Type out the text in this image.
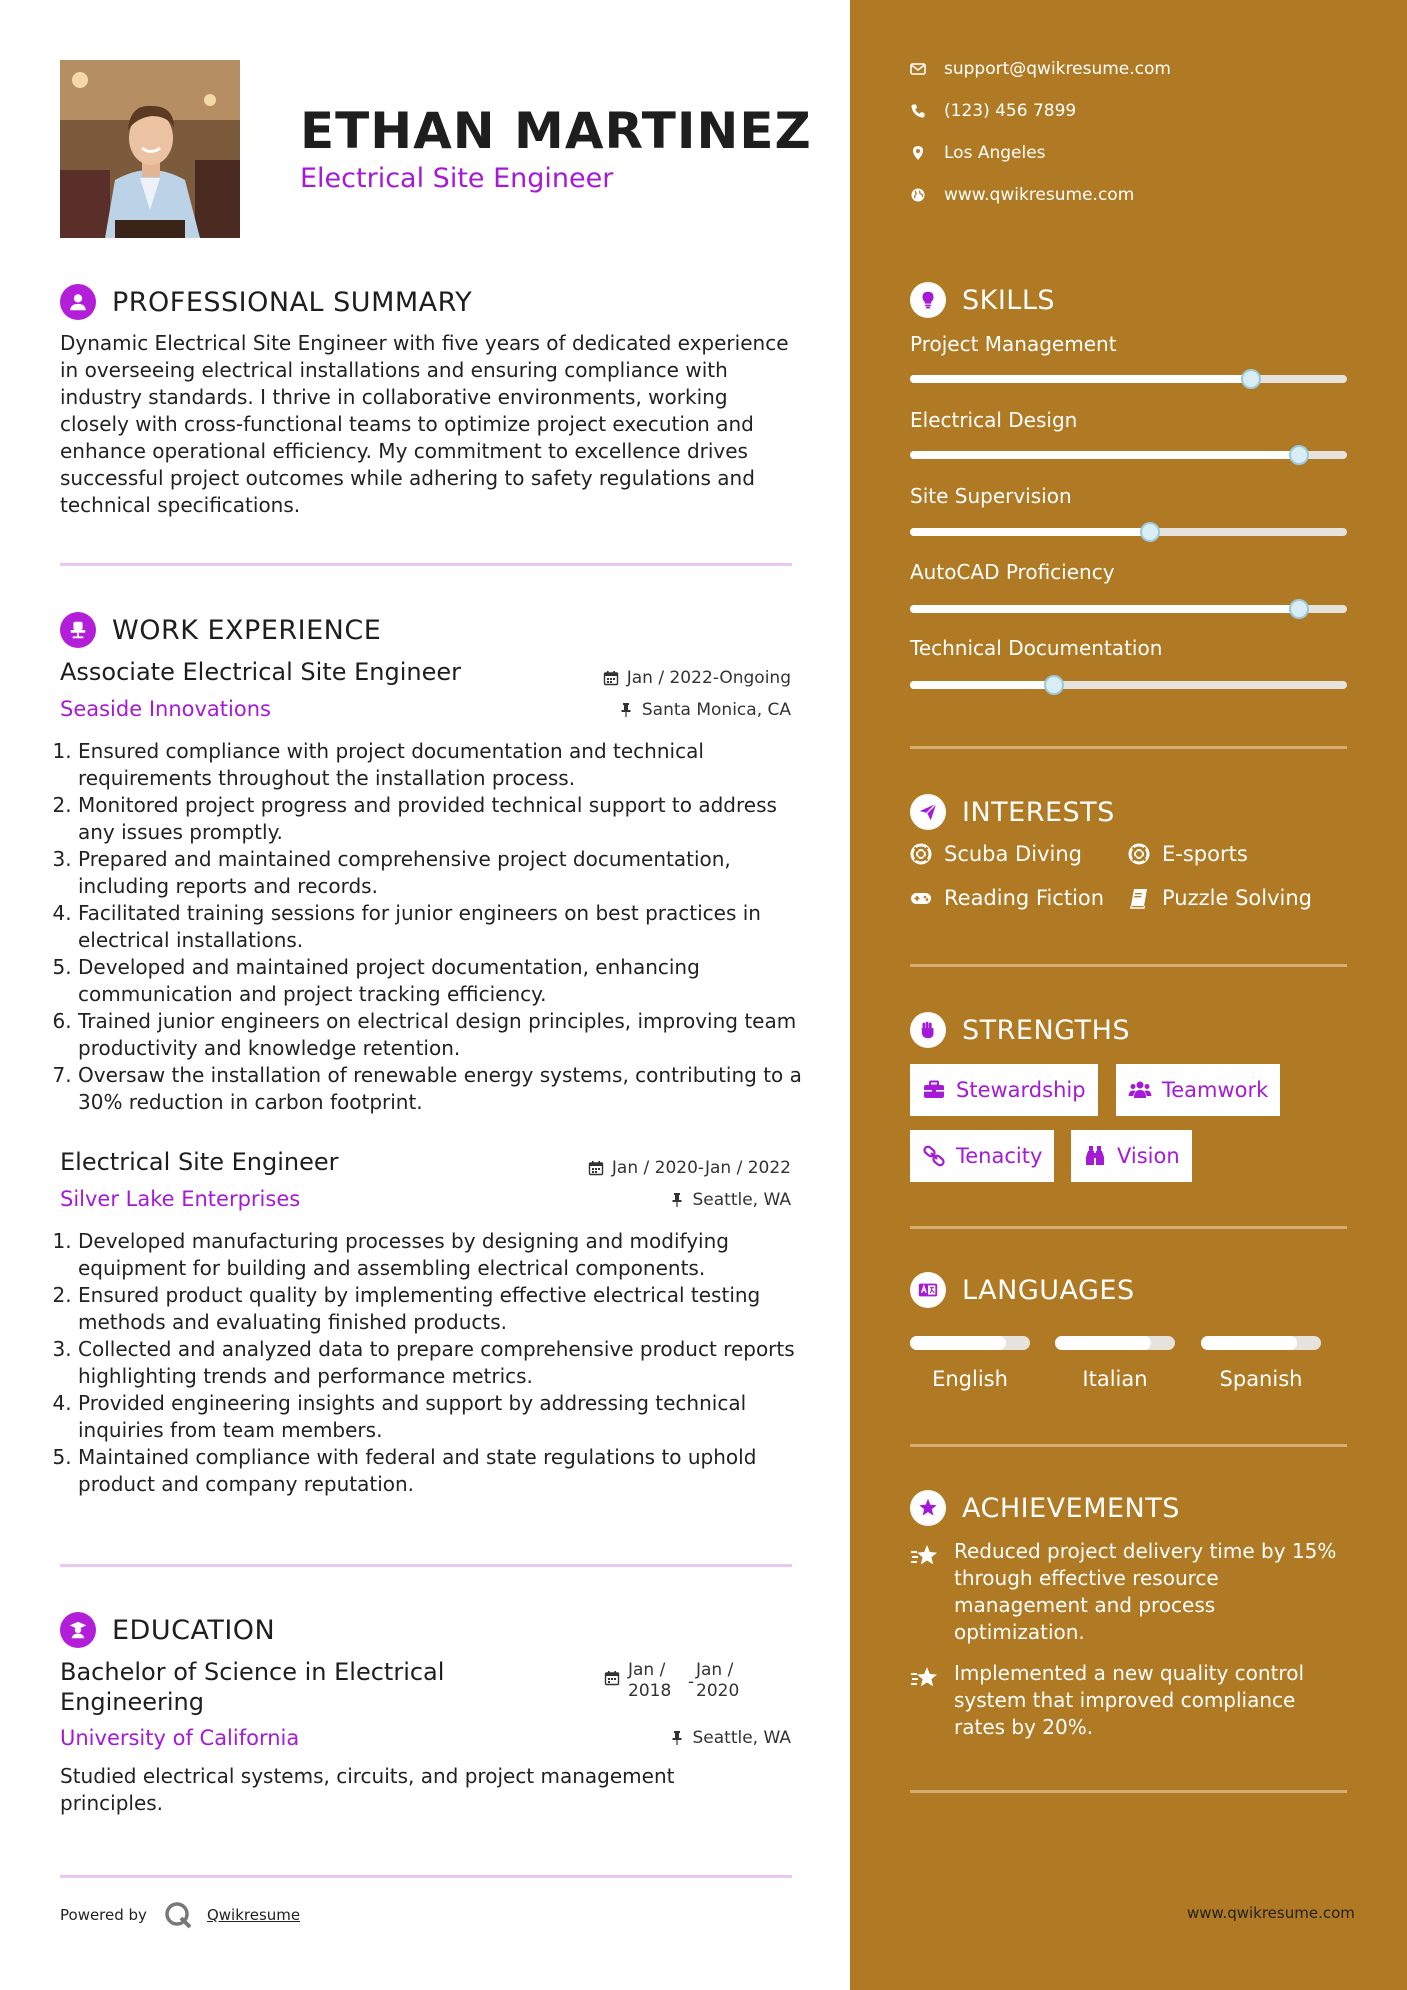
ETHAN MARTINEZ
Electrical Site Engineer
PROFESSIONAL SUMMARY
Dynamic Electrical Site Engineer with five years of dedicated experience in overseeing electrical installations and ensuring compliance with industry standards. I thrive in collaborative environments, working closely with cross-functional teams to optimize project execution and enhance operational efficiency. My commitment to excellence drives successful project outcomes while adhering to safety regulations and technical specifications.
WORK EXPERIENCE
Associate Electrical Site Engineer	Jan / 2022-Ongoing
Seaside Innovations	Santa Monica, CA
1. Ensured compliance with project documentation and technical requirements throughout the installation process.
2. Monitored project progress and provided technical support to address any issues promptly.
3. Prepared and maintained comprehensive project documentation, including reports and records.
4. Facilitated training sessions for junior engineers on best practices in electrical installations.
5. Developed and maintained project documentation, enhancing communication and project tracking efficiency.
6. Trained junior engineers on electrical design principles, improving team productivity and knowledge retention.
7. Oversaw the installation of renewable energy systems, contributing to a 30% reduction in carbon footprint.
Electrical Site Engineer	Jan / 2020-Jan / 2022
Silver Lake Enterprises	Seattle, WA
1. Developed manufacturing processes by designing and modifying equipment for building and assembling electrical components.
2. Ensured product quality by implementing effective electrical testing methods and evaluating finished products.
3. Collected and analyzed data to prepare comprehensive product reports highlighting trends and performance metrics.
4. Provided engineering insights and support by addressing technical inquiries from team members.
5. Maintained compliance with federal and state regulations to uphold product and company reputation.
EDUCATION
Bachelor of Science in Electrical Engineering
Jan / 2018 -
Jan / 2020
University of California	Seattle, WA
Studied electrical systems, circuits, and project management principles.
Powered by	Qwikresume
support@qwikresume.com
(123) 456 7899
Los Angeles
www.qwikresume.com
SKILLS
Project Management
Electrical Design
Site Supervision
AutoCAD Proficiency
Technical Documentation
INTERESTS
Scuba Diving	E-sports
Reading Fiction	Puzzle Solving
STRENGTHS
Stewardship	Teamwork
Tenacity	Vision
LANGUAGES
English	Italian	Spanish
ACHIEVEMENTS
Reduced project delivery time by 15% through effective resource management and process optimization.
Implemented a new quality control system that improved compliance rates by 20%.
www.qwikresume.com
